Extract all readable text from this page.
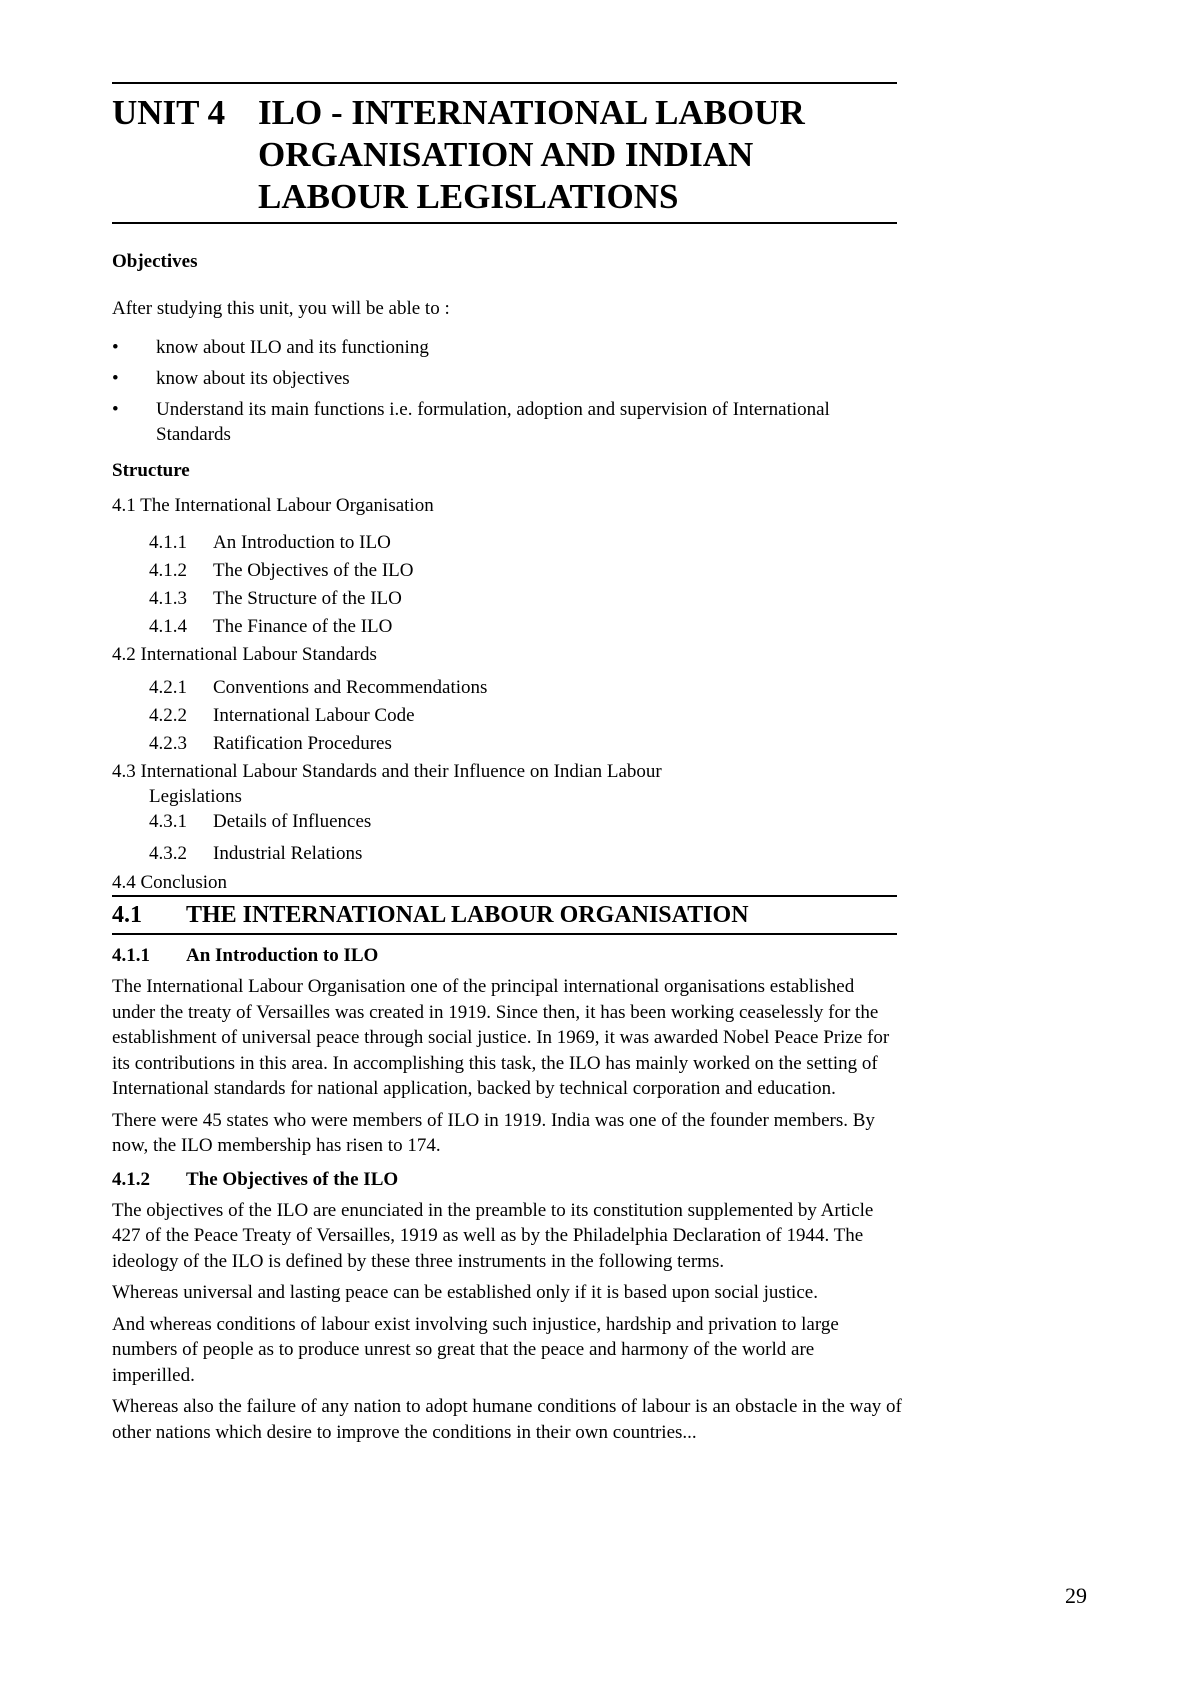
UNIT 4 ILO - INTERNATIONAL LABOUR
ORGANISATION AND INDIAN
LABOUR LEGISLATIONS
Objectives

After studying this unit, you will be able to :

•	know about ILO and its functioning
•	know about its objectives
•	Understand its main functions i.e. formulation, adoption and supervision of International Standards
Structure
4.1 The International Labour Organisation
4.1.1	An Introduction to ILO
4.1.2	The Objectives of the ILO
4.1.3	The Structure of the ILO
4.1.4	The Finance of the ILO
4.2 International Labour Standards
4.2.1	Conventions and Recommendations
4.2.2	International Labour Code
4.2.3	Ratification Procedures
4.3 International Labour Standards and their Influence on Indian Labour
Legislations
4.3.1	Details of Influences
4.3.2	Industrial Relations
4.4 Conclusion
4.1	THE INTERNATIONAL LABOUR ORGANISATION
4.1.1	An Introduction to ILO

The International Labour Organisation one of the principal international organisations established under the treaty of Versailles was created in 1919. Since then, it has been working ceaselessly for the establishment of universal peace through social justice. In 1969, it was awarded Nobel Peace Prize for its contributions in this area. In accomplishing this task, the ILO has mainly worked on the setting of International standards for national application, backed by technical corporation and education.

There were 45 states who were members of ILO in 1919. India was one of the founder members. By now, the ILO membership has risen to 174.

4.1.2	The Objectives of the ILO

The objectives of the ILO are enunciated in the preamble to its constitution supplemented by Article 427 of the Peace Treaty of Versailles, 1919 as well as by the Philadelphia Declaration of 1944. The ideology of the ILO is defined by these three instruments in the following terms.

Whereas universal and lasting peace can be established only if it is based upon social justice.

And whereas conditions of labour exist involving such injustice, hardship and privation to large numbers of people as to produce unrest so great that the peace and harmony of the world are imperilled.

Whereas also the failure of any nation to adopt humane conditions of labour is an obstacle in the way of other nations which desire to improve the conditions in their own countries...

29
